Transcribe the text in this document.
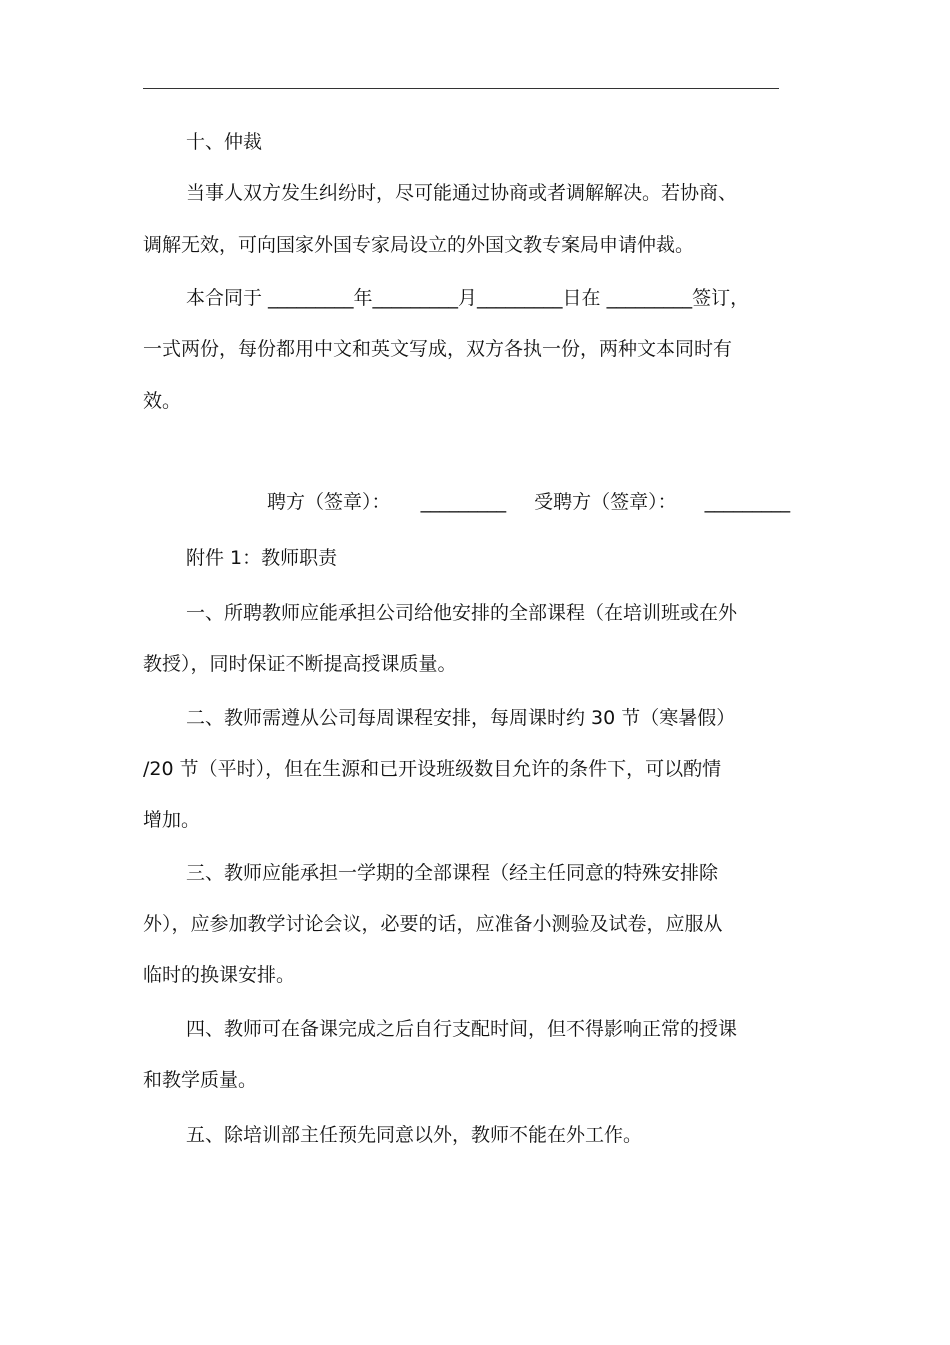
十、仲裁
当事人双方发生纠纷时，尽可能通过协商或者调解解决。若协商、
调解无效，可向国家外国专家局设立的外国文教专案局申请仲裁。
本合同于 _________年_________月_________日在 _________签订，
一式两份，每份都用中文和英文写成，双方各执一份，两种文本同时有
效。
聘方（签章）： _________ 受聘方（签章）： _________
附件 1：教师职责
一、所聘教师应能承担公司给他安排的全部课程（在培训班或在外
教授），同时保证不断提高授课质量。
二、教师需遵从公司每周课程安排，每周课时约 30 节（寒暑假）
/20 节（平时），但在生源和已开设班级数目允许的条件下，可以酌情
增加。
三、教师应能承担一学期的全部课程（经主任同意的特殊安排除
外），应参加教学讨论会议，必要的话，应准备小测验及试卷，应服从
临时的换课安排。
四、教师可在备课完成之后自行支配时间，但不得影响正常的授课
和教学质量。
五、除培训部主任预先同意以外，教师不能在外工作。
